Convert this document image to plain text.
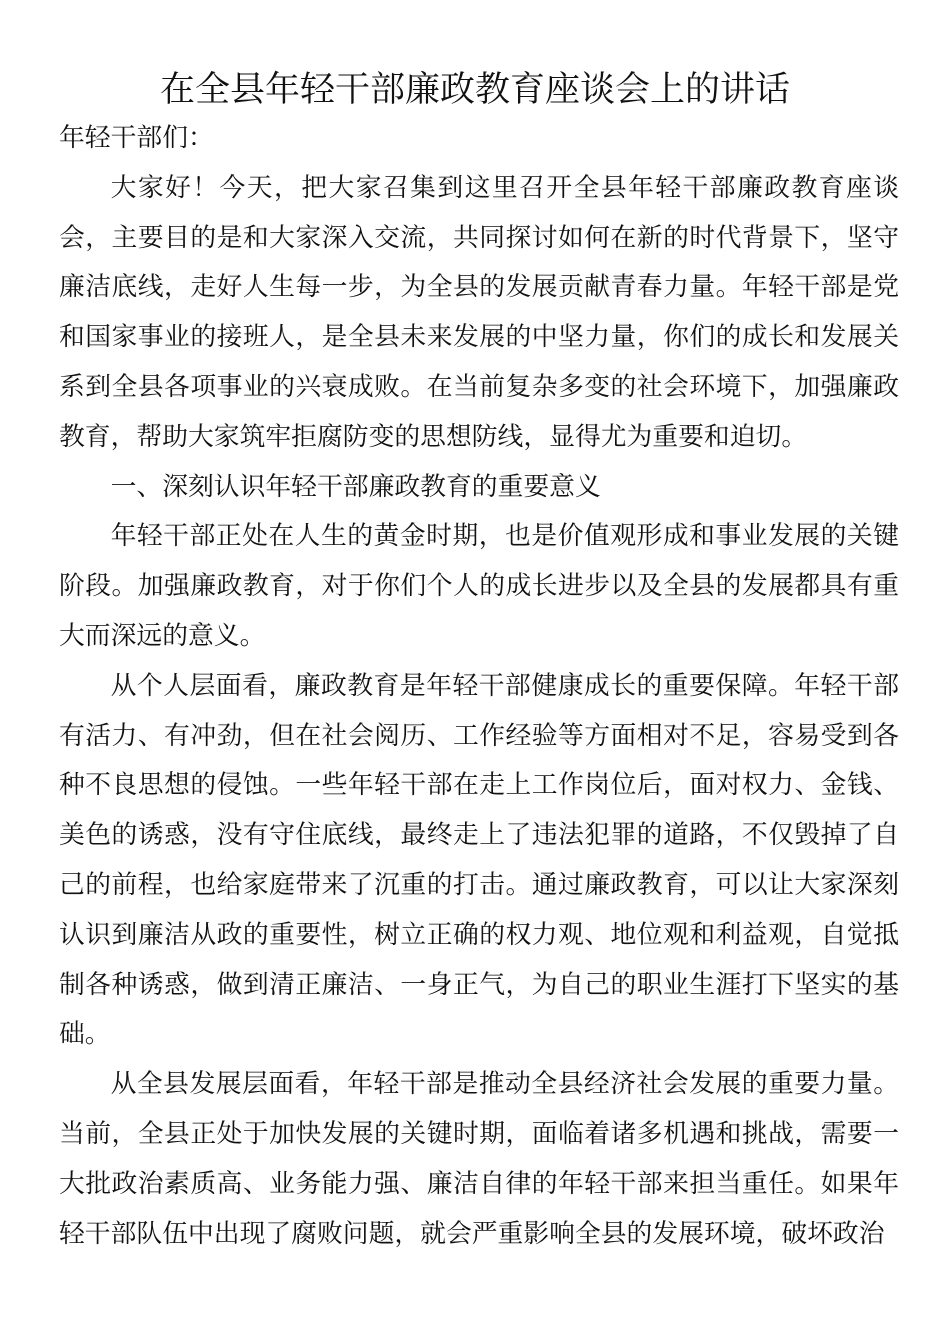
在全县年轻干部廉政教育座谈会上的讲话

年轻干部们：

大家好！今天，把大家召集到这里召开全县年轻干部廉政教育座谈会，主要目的是和大家深入交流，共同探讨如何在新的时代背景下，坚守廉洁底线，走好人生每一步，为全县的发展贡献青春力量。年轻干部是党和国家事业的接班人，是全县未来发展的中坚力量，你们的成长和发展关系到全县各项事业的兴衰成败。在当前复杂多变的社会环境下，加强廉政教育，帮助大家筑牢拒腐防变的思想防线，显得尤为重要和迫切。

一、深刻认识年轻干部廉政教育的重要意义

年轻干部正处在人生的黄金时期，也是价值观形成和事业发展的关键阶段。加强廉政教育，对于你们个人的成长进步以及全县的发展都具有重大而深远的意义。

从个人层面看，廉政教育是年轻干部健康成长的重要保障。年轻干部有活力、有冲劲，但在社会阅历、工作经验等方面相对不足，容易受到各种不良思想的侵蚀。一些年轻干部在走上工作岗位后，面对权力、金钱、美色的诱惑，没有守住底线，最终走上了违法犯罪的道路，不仅毁掉了自己的前程，也给家庭带来了沉重的打击。通过廉政教育，可以让大家深刻认识到廉洁从政的重要性，树立正确的权力观、地位观和利益观，自觉抵制各种诱惑，做到清正廉洁、一身正气，为自己的职业生涯打下坚实的基础。

从全县发展层面看，年轻干部是推动全县经济社会发展的重要力量。当前，全县正处于加快发展的关键时期，面临着诸多机遇和挑战，需要一大批政治素质高、业务能力强、廉洁自律的年轻干部来担当重任。如果年轻干部队伍中出现了腐败问题，就会严重影响全县的发展环境，破坏政治
